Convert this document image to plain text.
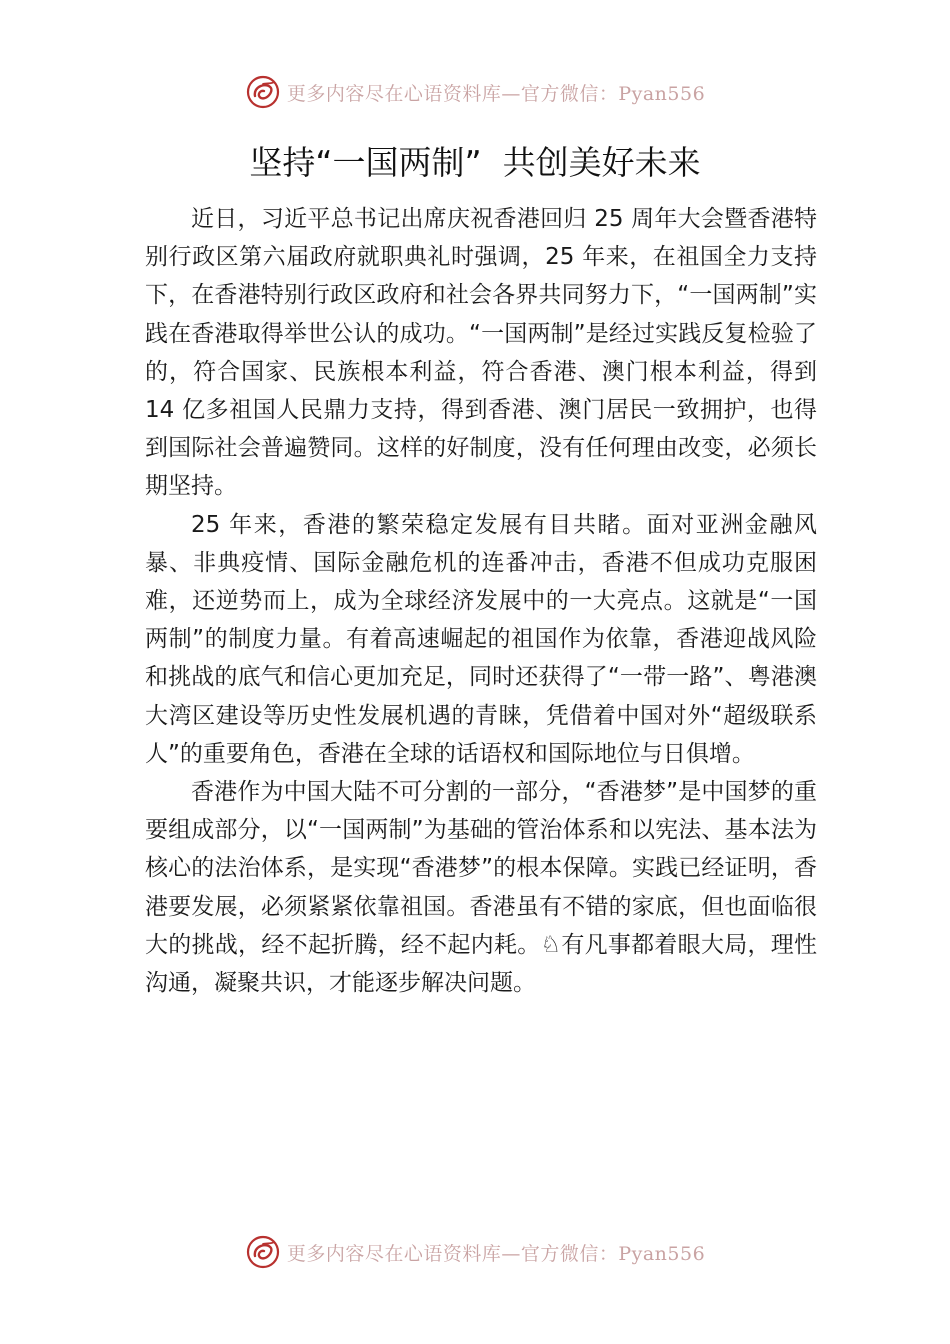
更多内容尽在心语资料库—官方微信：Pyan556
坚持“一国两制”  共创美好未来

近日，习近平总书记出席庆祝香港回归 25 周年大会暨香港特别行政区第六届政府就职典礼时强调，25 年来，在祖国全力支持下，在香港特别行政区政府和社会各界共同努力下，“一国两制”实践在香港取得举世公认的成功。“一国两制”是经过实践反复检验了的，符合国家、民族根本利益，符合香港、澳门根本利益，得到 14 亿多祖国人民鼎力支持，得到香港、澳门居民一致拥护，也得到国际社会普遍赞同。这样的好制度，没有任何理由改变，必须长期坚持。

25 年来，香港的繁荣稳定发展有目共睹。面对亚洲金融风暴、非典疫情、国际金融危机的连番冲击，香港不但成功克服困难，还逆势而上，成为全球经济发展中的一大亮点。这就是“一国两制”的制度力量。有着高速崛起的祖国作为依靠，香港迎战风险和挑战的底气和信心更加充足，同时还获得了“一带一路”、粤港澳大湾区建设等历史性发展机遇的青睐，凭借着中国对外“超级联系人”的重要角色，香港在全球的话语权和国际地位与日俱增。

香港作为中国大陆不可分割的一部分，“香港梦”是中国梦的重要组成部分，以“一国两制”为基础的管治体系和以宪法、基本法为核心的法治体系，是实现“香港梦”的根本保障。实践已经证明，香港要发展，必须紧紧依靠祖国。香港虽有不错的家底，但也面临很大的挑战，经不起折腾，经不起内耗。♘有凡事都着眼大局，理性沟通，凝聚共识，才能逐步解决问题。

更多内容尽在心语资料库—官方微信：Pyan556
